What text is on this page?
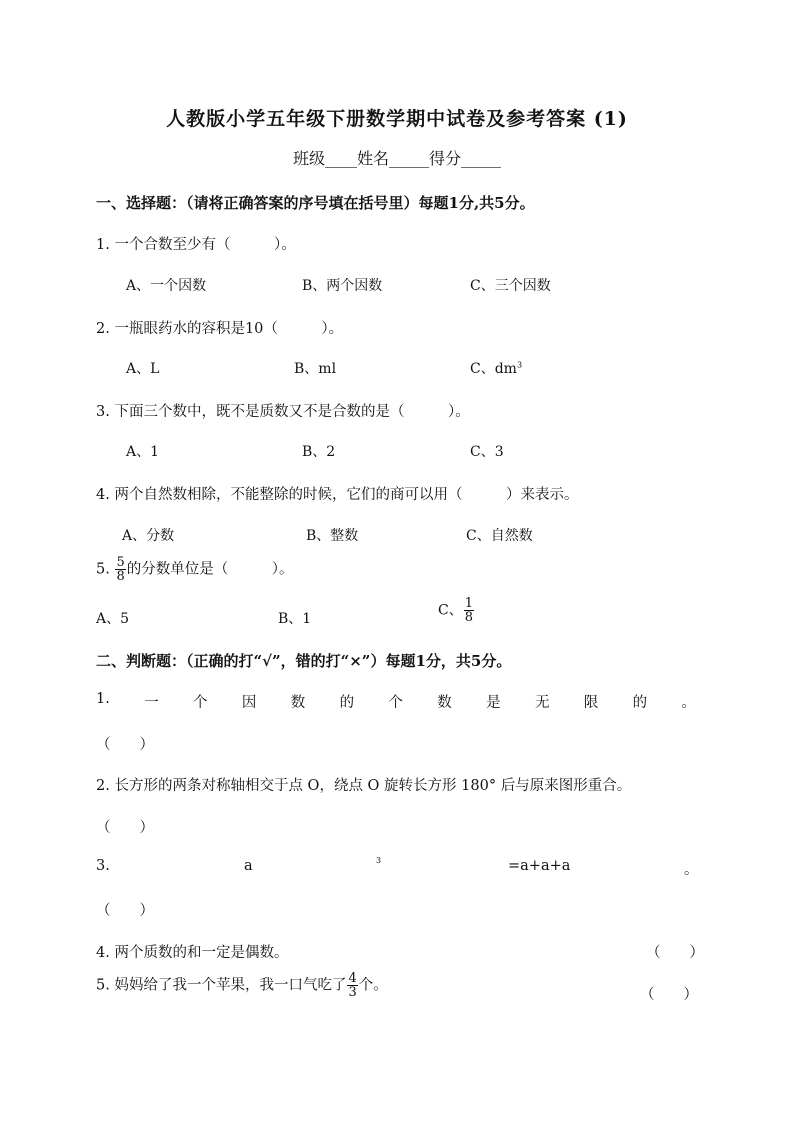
人教版小学五年级下册数学期中试卷及参考答案 (1)
班级____姓名_____得分_____
一、选择题：（请将正确答案的序号填在括号里）每题1分,共5分。
1. 一个合数至少有（　　　）。
A、一个因数	B、两个因数	C、三个因数
2. 一瓶眼药水的容积是10（　　　）。
A、L	B、ml	C、$dm^3$
3. 下面三个数中，既不是质数又不是合数的是（　　　）。
A、1	B、2	C、3
4. 两个自然数相除，不能整除的时候，它们的商可以用（　　　）来表示。
A、分数	B、整数	C、自然数
5. $\frac{5}{8}$ 的分数单位是（　　　）。
A、5	B、1
C、 $\frac{1}{8}$
二、判断题：（正确的打“√”，错的打“×”）每题1分，共5分。
1. 一 个 因 数 的 个 数 是 无 限 的 。
（　　）
2. 长方形的两条对称轴相交于点 O，绕点 O 旋转长方形 180° 后与原来图形重合。
（　　）
3.	a	3	=a+a+a	。
（　　）
4. 两个质数的和一定是偶数。	（　　）
5. 妈妈给了我一个苹果，我一口气吃了 $\frac{4}{3}$ 个。
（　　）
